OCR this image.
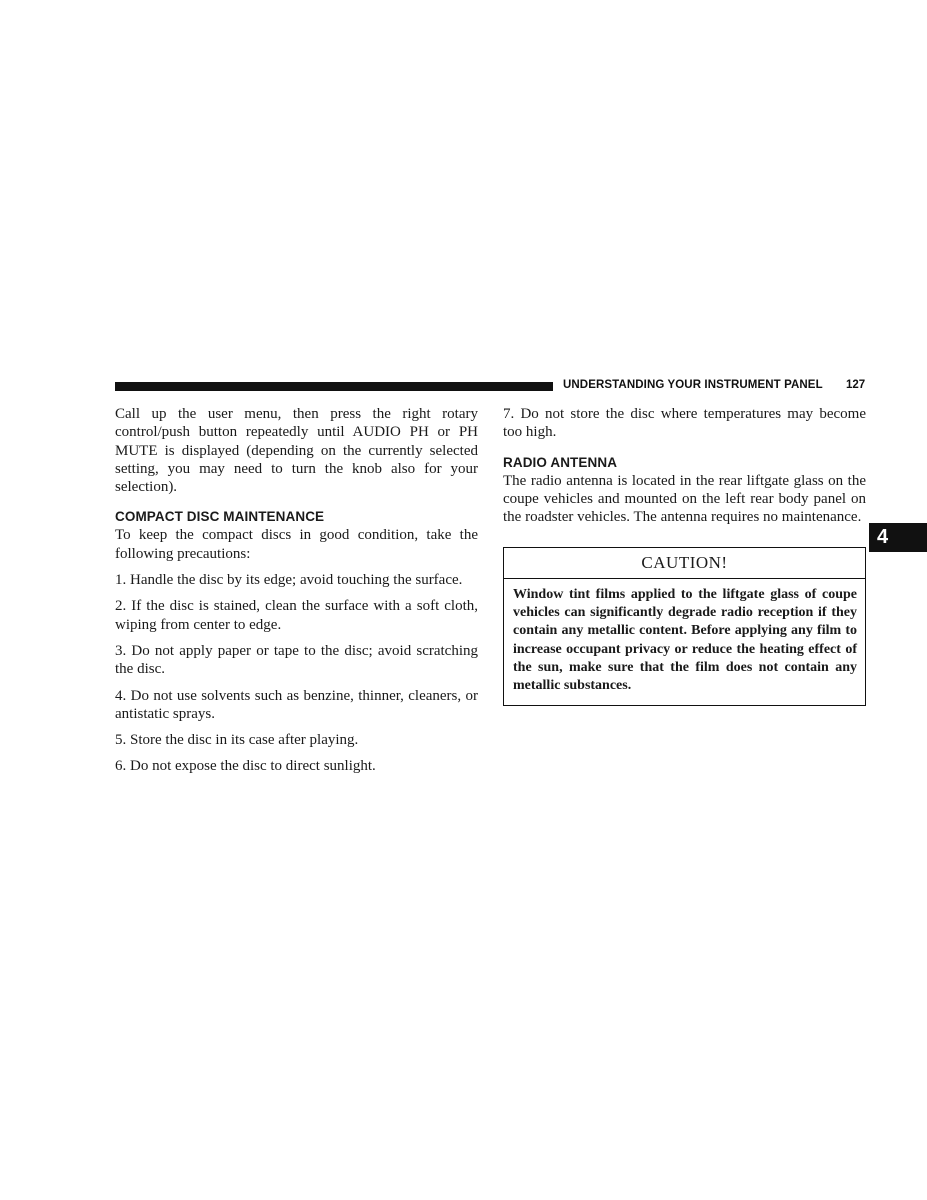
UNDERSTANDING YOUR INSTRUMENT PANEL 127
4

Call up the user menu, then press the right rotary control/push button repeatedly until AUDIO PH or PH MUTE is displayed (depending on the currently selected setting, you may need to turn the knob also for your selection).

COMPACT DISC MAINTENANCE

To keep the compact discs in good condition, take the following precautions:

1. Handle the disc by its edge; avoid touching the surface.

2. If the disc is stained, clean the surface with a soft cloth, wiping from center to edge.

3. Do not apply paper or tape to the disc; avoid scratching the disc.

4. Do not use solvents such as benzine, thinner, cleaners, or antistatic sprays.

5. Store the disc in its case after playing.

6. Do not expose the disc to direct sunlight.

7. Do not store the disc where temperatures may become too high.

RADIO ANTENNA

The radio antenna is located in the rear liftgate glass on the coupe vehicles and mounted on the left rear body panel on the roadster vehicles. The antenna requires no maintenance.

CAUTION!
Window tint films applied to the liftgate glass of coupe vehicles can significantly degrade radio reception if they contain any metallic content. Before applying any film to increase occupant privacy or reduce the heating effect of the sun, make sure that the film does not contain any metallic substances.
